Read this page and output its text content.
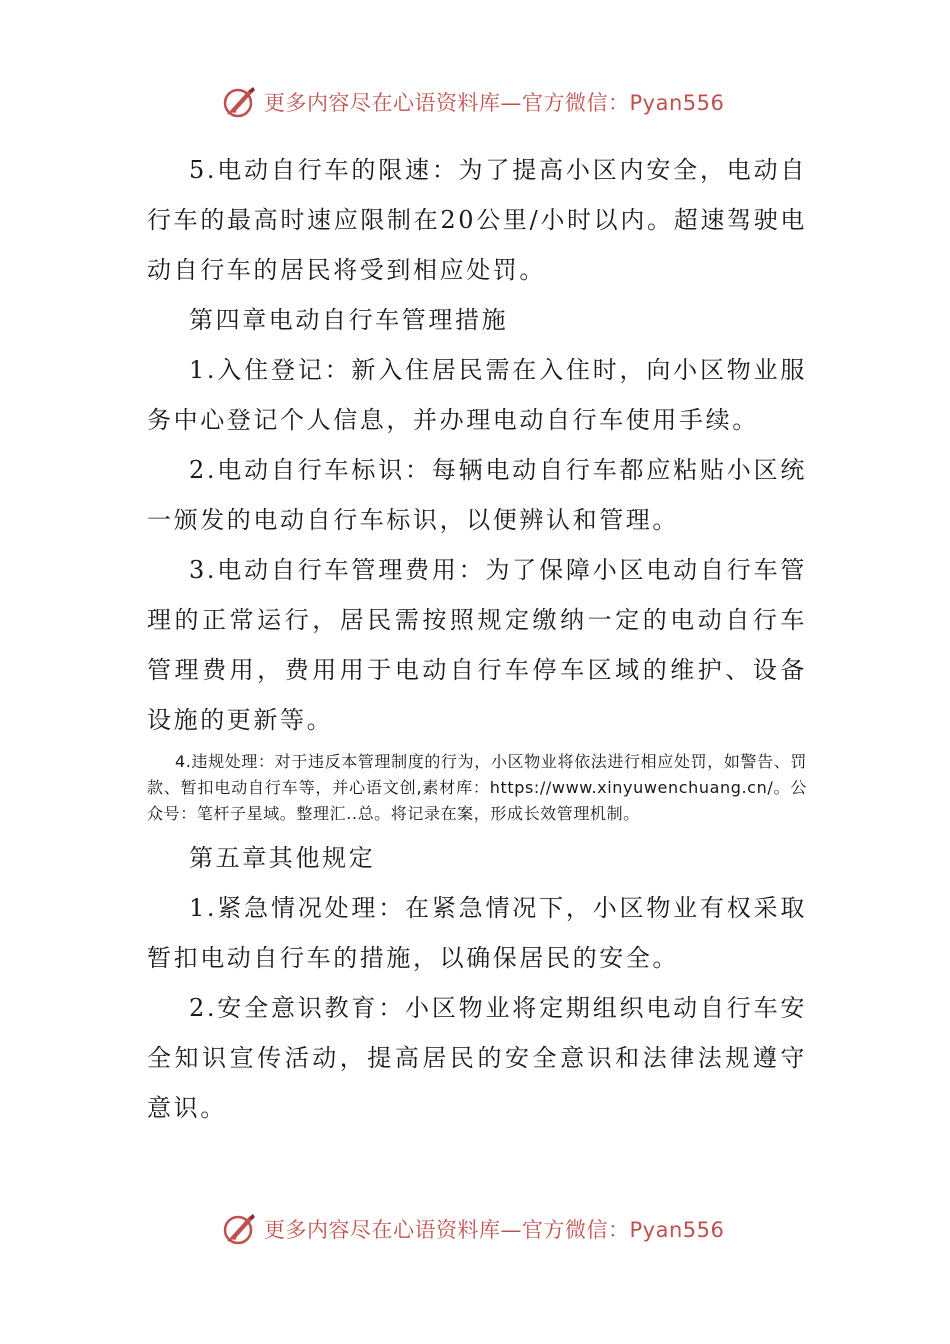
更多内容尽在心语资料库—官方微信：Pyan556

5.电动自行车的限速：为了提高小区内安全，电动自行车的最高时速应限制在20公里/小时以内。超速驾驶电动自行车的居民将受到相应处罚。

第四章电动自行车管理措施

1.入住登记：新入住居民需在入住时，向小区物业服务中心登记个人信息，并办理电动自行车使用手续。

2.电动自行车标识：每辆电动自行车都应粘贴小区统一颁发的电动自行车标识，以便辨认和管理。

3.电动自行车管理费用：为了保障小区电动自行车管理的正常运行，居民需按照规定缴纳一定的电动自行车管理费用，费用用于电动自行车停车区域的维护、设备设施的更新等。

4.违规处理：对于违反本管理制度的行为，小区物业将依法进行相应处罚，如警告、罚款、暂扣电动自行车等，并心语文创,素材库：https://www.xinyuwenchuang.cn/。公众号：笔杆子星域。整理汇..总。将记录在案，形成长效管理机制。

第五章其他规定

1.紧急情况处理：在紧急情况下，小区物业有权采取暂扣电动自行车的措施，以确保居民的安全。

2.安全意识教育：小区物业将定期组织电动自行车安全知识宣传活动，提高居民的安全意识和法律法规遵守意识。

更多内容尽在心语资料库—官方微信：Pyan556
